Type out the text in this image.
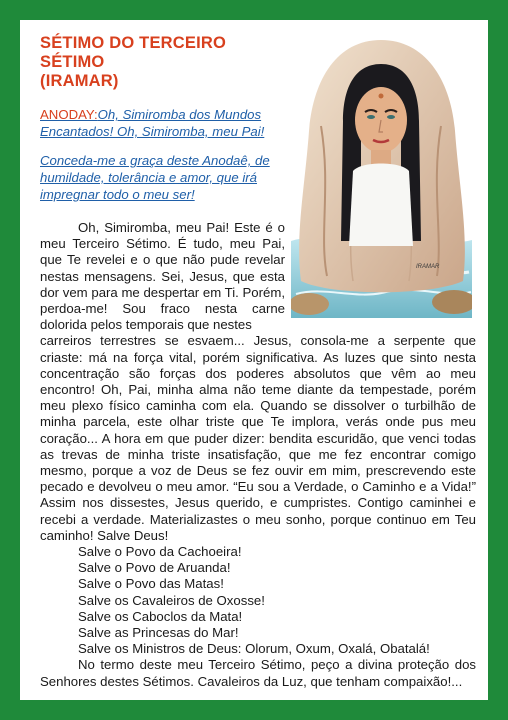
IRAMAR
SÉTIMO DO TERCEIRO
SÉTIMO
(IRAMAR)
ANODAY:Oh, Simiromba dos Mundos Encantados! Oh, Simiromba, meu Pai!
Conceda-me a graça deste Anodaê, de humildade, tolerância e amor, que irá impregnar todo o meu ser!

Oh, Simiromba, meu Pai! Este é o meu Terceiro Sétimo. É tudo, meu Pai, que Te revelei e o que não pude revelar nestas mensagens. Sei, Jesus, que esta dor vem para me despertar em Ti. Porém, perdoa-me! Sou fraco nesta carne dolorida pelos temporais que nestes

carreiros terrestres se esvaem... Jesus, consola-me a serpente que criaste: má na força vital, porém significativa. As luzes que sinto nesta concentração são forças dos poderes absolutos que vêm ao meu encontro! Oh, Pai, minha alma não teme diante da tempestade, porém meu plexo físico caminha com ela. Quando se dissolver o turbilhão de minha parcela, este olhar triste que Te implora, verás onde pus meu coração... A hora em que puder dizer: bendita escuridão, que venci todas as trevas de minha triste insatisfação, que me fez encontrar comigo mesmo, porque a voz de Deus se fez ouvir em mim, prescrevendo este pecado e devolveu o meu amor. “Eu sou a Verdade, o Caminho e a Vida!” Assim nos dissestes, Jesus querido, e cumpristes. Contigo caminhei e recebi a verdade. Materializastes o meu sonho, porque continuo em Teu caminho! Salve Deus!

Salve o Povo da Cachoeira!
Salve o Povo de Aruanda!
Salve o Povo das Matas!
Salve os Cavaleiros de Oxosse!
Salve os Caboclos da Mata!
Salve as Princesas do Mar!
Salve os Ministros de Deus: Olorum, Oxum, Oxalá, Obatalá!
No termo deste meu Terceiro Sétimo, peço a divina proteção dos Senhores destes Sétimos. Cavaleiros da Luz, que tenham compaixão!...
